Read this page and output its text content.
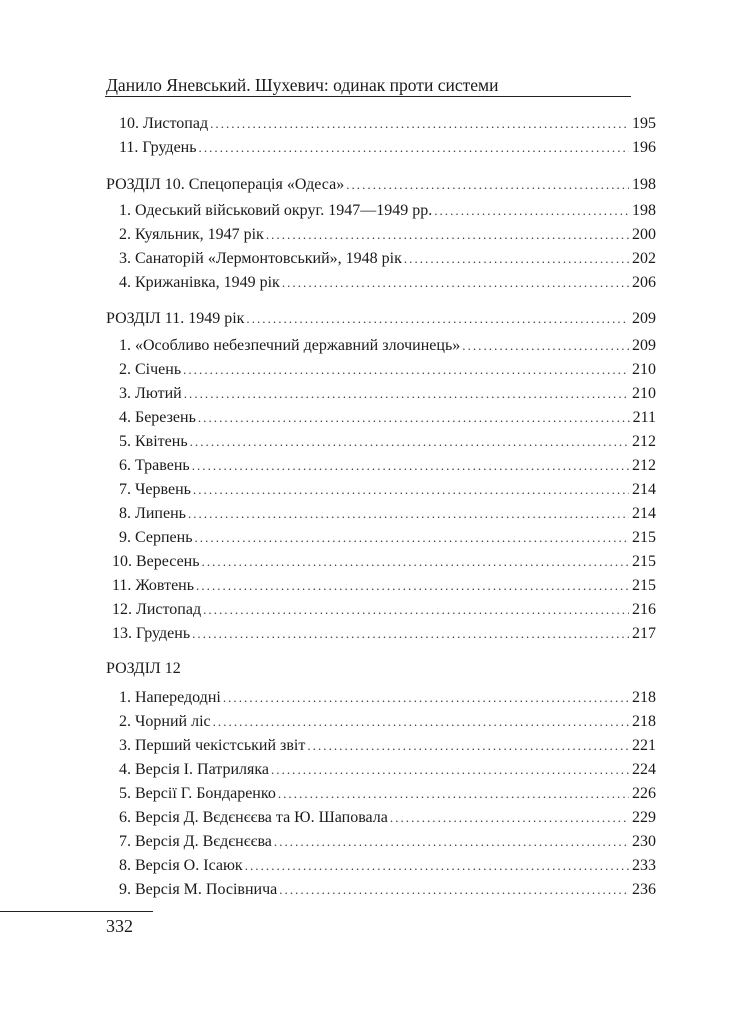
Данило Яневський. Шухевич: одинак проти системи
10. Листопад . . .	195
11. Грудень . . .	196
РОЗДІЛ 10. Спецоперація «Одеса» . . .	198
1. Одеський військовий округ. 1947—1949 рр. . . .	198
2. Куяльник, 1947 рік . . .	200
3. Санаторій «Лермонтовський», 1948 рік . . .	202
4. Крижанівка, 1949 рік . . .	206
РОЗДІЛ 11. 1949 рік . . .	209
1. «Особливо небезпечний державний злочинець» . . .	209
2. Січень . . .	210
3. Лютий . . .	210
4. Березень . . .	211
5. Квітень . . .	212
6. Травень . . .	212
7. Червень . . .	214
8. Липень . . .	214
9. Серпень . . .	215
10. Вересень . . .	215
11. Жовтень . . .	215
12. Листопад . . .	216
13. Грудень . . .	217
РОЗДІЛ 12
1. Напередодні . . .	218
2. Чорний ліс . . .	218
3. Перший чекістський звіт . . .	221
4. Версія І. Патриляка . . .	224
5. Версії Г. Бондаренко . . .	226
6. Версія Д. Вєдєнєєва та Ю. Шаповала . . .	229
7. Версія Д. Вєдєнєєва . . .	230
8. Версія О. Ісаюк . . .	233
9. Версія М. Посівнича . . .	236
332
